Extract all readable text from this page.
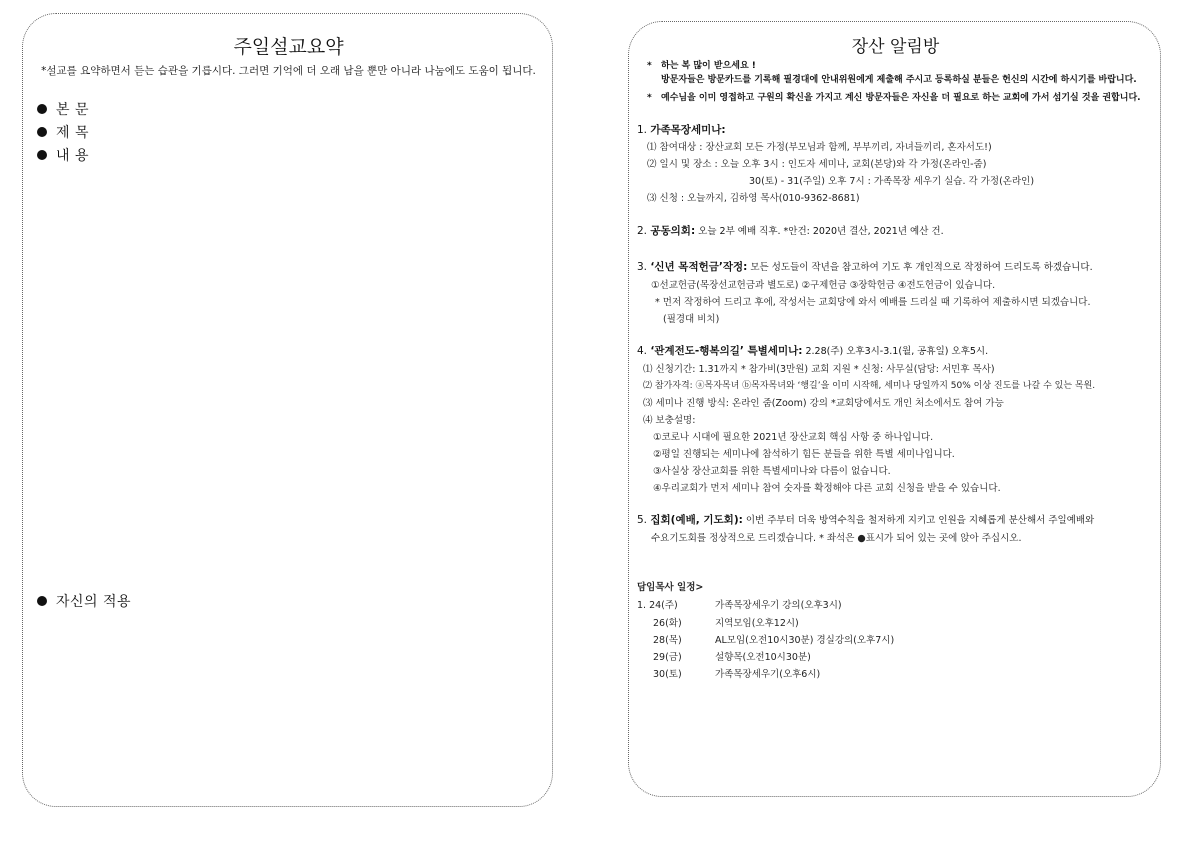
주일설교요약
*설교를 요약하면서 듣는 습관을 기릅시다. 그러면 기억에 더 오래 남을 뿐만 아니라 나눔에도 도움이 됩니다.
본 문
제 목
내 용
자신의 적용
장산 알림방
* 하는 복 많이 받으세요 !
방문자들은 방문카드를 기록해 필경대에 안내위원에게 제출해 주시고 등록하실 분들은 헌신의 시간에 하시기를 바랍니다.
* 예수님을 이미 영접하고 구원의 확신을 가지고 계신 방문자들은 자신을 더 필요로 하는 교회에 가서 섬기실 것을 권합니다.
1. 가족목장세미나:
⑴ 참여대상 : 장산교회 모든 가정(부모님과 함께, 부부끼리, 자녀들끼리, 혼자서도!)
⑵ 일시 및 장소 : 오늘 오후 3시 : 인도자 세미나, 교회(본당)와 각 가정(온라인-줌)
30(토) - 31(주일) 오후 7시 : 가족목장 세우기 실습. 각 가정(온라인)
⑶ 신청 : 오늘까지, 김하영 목사(010-9362-8681)
2. 공동의회: 오늘 2부 예배 직후. *안건: 2020년 결산, 2021년 예산 건.
3. ‘신년 목적헌금’작정: 모든 성도들이 작년을 참고하여 기도 후 개인적으로 작정하여 드리도록 하겠습니다.
①선교헌금(목장선교헌금과 별도로) ②구제헌금 ③장학헌금 ④전도헌금이 있습니다.
* 먼저 작정하여 드리고 후에, 작성서는 교회당에 와서 예배를 드리실 때 기록하여 제출하시면 되겠습니다.
(필경대 비치)
4. ‘관계전도-행복의길’ 특별세미나: 2.28(주) 오후3시-3.1(월, 공휴일) 오후5시.
⑴ 신청기간: 1.31까지 * 참가비(3만원) 교회 지원 * 신청: 사무실(담당: 서민후 목사)
⑵ 참가자격: ⓐ목자목녀 ⓑ목자목녀와 ‘행길’을 이미 시작해, 세미나 당일까지 50% 이상 진도를 나갈 수 있는 목원.
⑶ 세미나 진행 방식: 온라인 줌(Zoom) 강의 *교회당에서도 개인 처소에서도 참여 가능
⑷ 보충설명:
①코로나 시대에 필요한 2021년 장산교회 핵심 사항 중 하나입니다.
②평일 진행되는 세미나에 참석하기 힘든 분들을 위한 특별 세미나입니다.
③사실상 장산교회를 위한 특별세미나와 다름이 없습니다.
④우리교회가 먼저 세미나 참여 숫자를 확정해야 다른 교회 신청을 받을 수 있습니다.
5. 집회(예배, 기도회): 이번 주부터 더욱 방역수칙을 철저하게 지키고 인원을 지혜롭게 분산해서 주일예배와
수요기도회를 정상적으로 드리겠습니다. * 좌석은 ●표시가 되어 있는 곳에 앉아 주십시오.
담임목사 일정>
1. 24(주)	가족목장세우기 강의(오후3시)
26(화)	지역모임(오후12시)
28(목)	AL모임(오전10시30분) 경실강의(오후7시)
29(금)	설향목(오전10시30분)
30(토)	가족목장세우기(오후6시)
